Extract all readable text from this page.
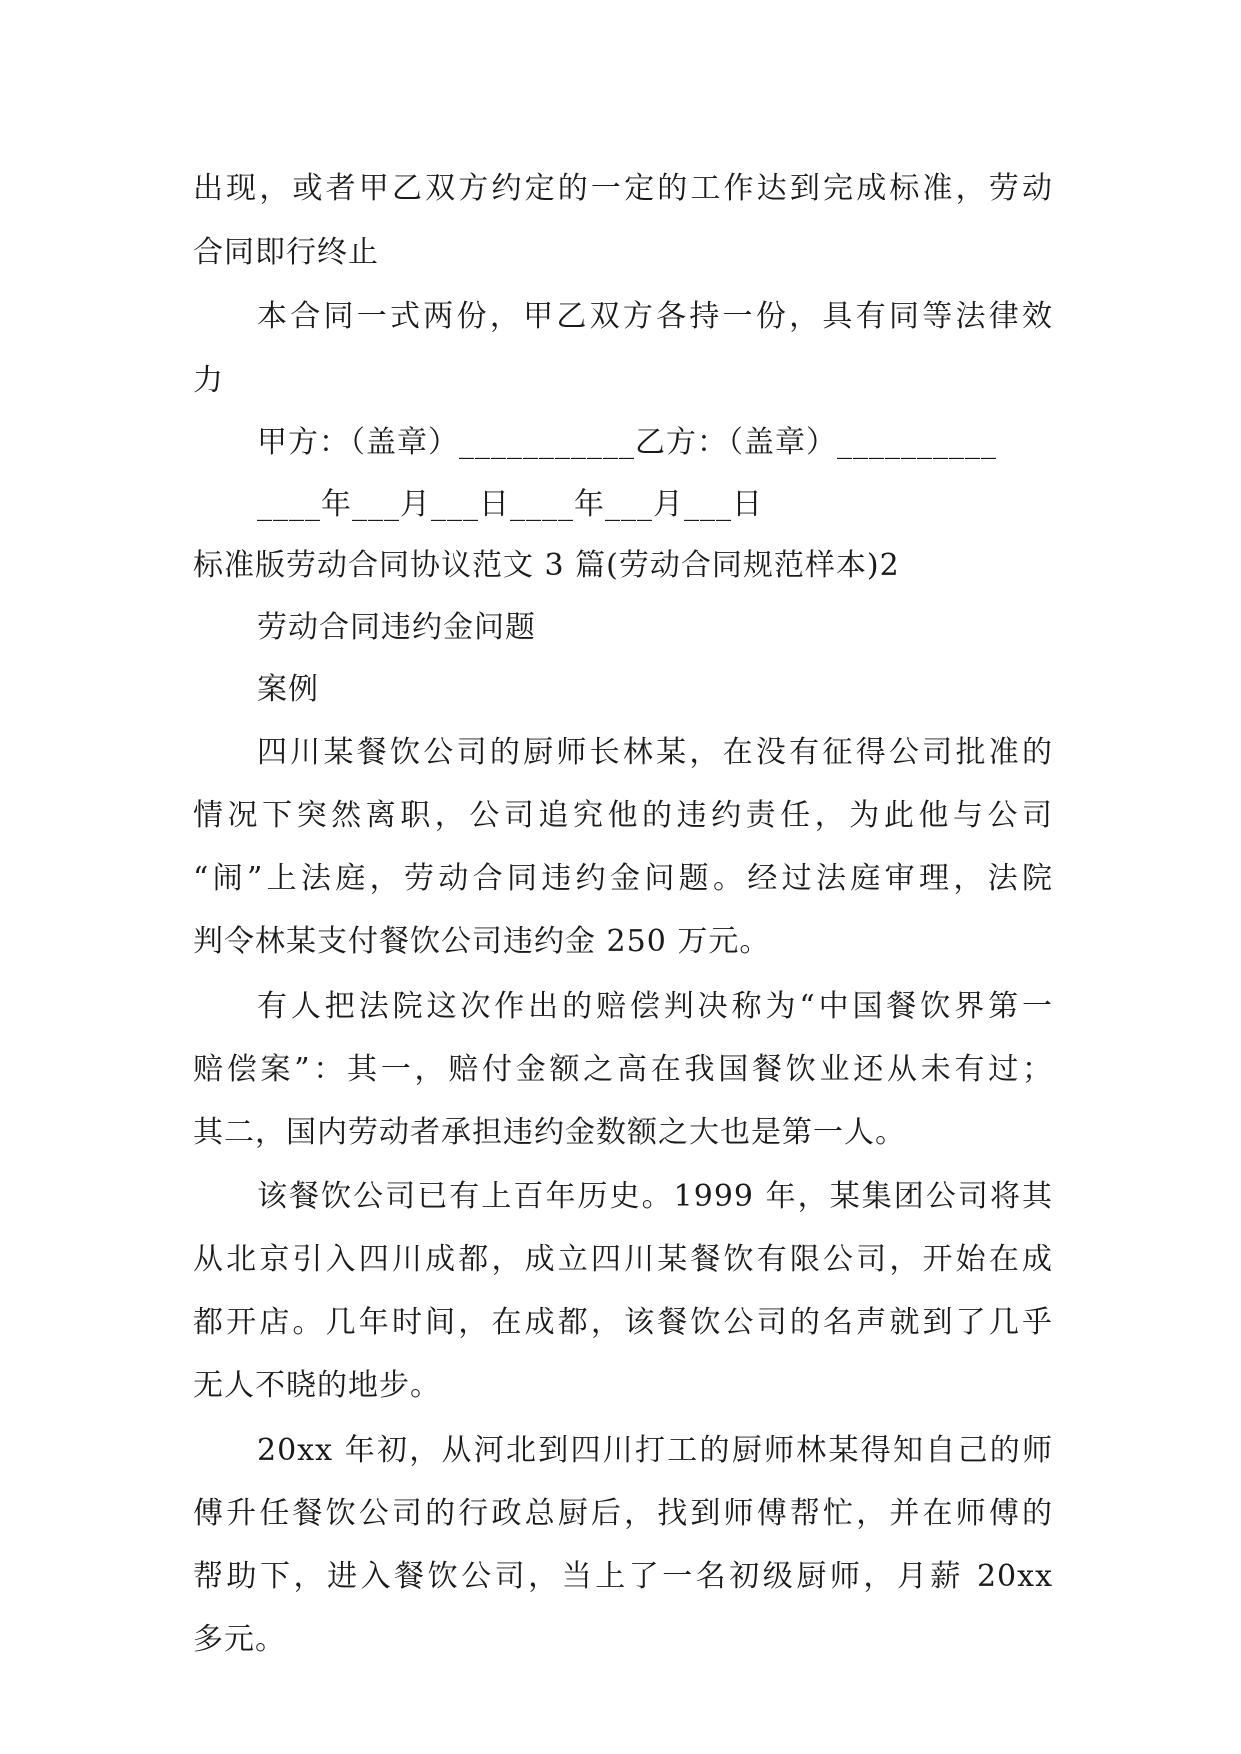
出现，或者甲乙双方约定的一定的工作达到完成标准，劳动
合同即行终止
本合同一式两份，甲乙双方各持一份，具有同等法律效
力
甲方：（盖章）___________乙方：（盖章）__________
____年___月___日____年___月___日
标准版劳动合同协议范文 3 篇(劳动合同规范样本)2
劳动合同违约金问题
案例
四川某餐饮公司的厨师长林某，在没有征得公司批准的
情况下突然离职，公司追究他的违约责任，为此他与公司
“闹”上法庭，劳动合同违约金问题。经过法庭审理，法院
判令林某支付餐饮公司违约金 250 万元。
有人把法院这次作出的赔偿判决称为“中国餐饮界第一
赔偿案”：其一，赔付金额之高在我国餐饮业还从未有过；
其二，国内劳动者承担违约金数额之大也是第一人。
该餐饮公司已有上百年历史。1999 年，某集团公司将其
从北京引入四川成都，成立四川某餐饮有限公司，开始在成
都开店。几年时间，在成都，该餐饮公司的名声就到了几乎
无人不晓的地步。
20xx 年初，从河北到四川打工的厨师林某得知自己的师
傅升任餐饮公司的行政总厨后，找到师傅帮忙，并在师傅的
帮助下，进入餐饮公司，当上了一名初级厨师，月薪 20xx
多元。
